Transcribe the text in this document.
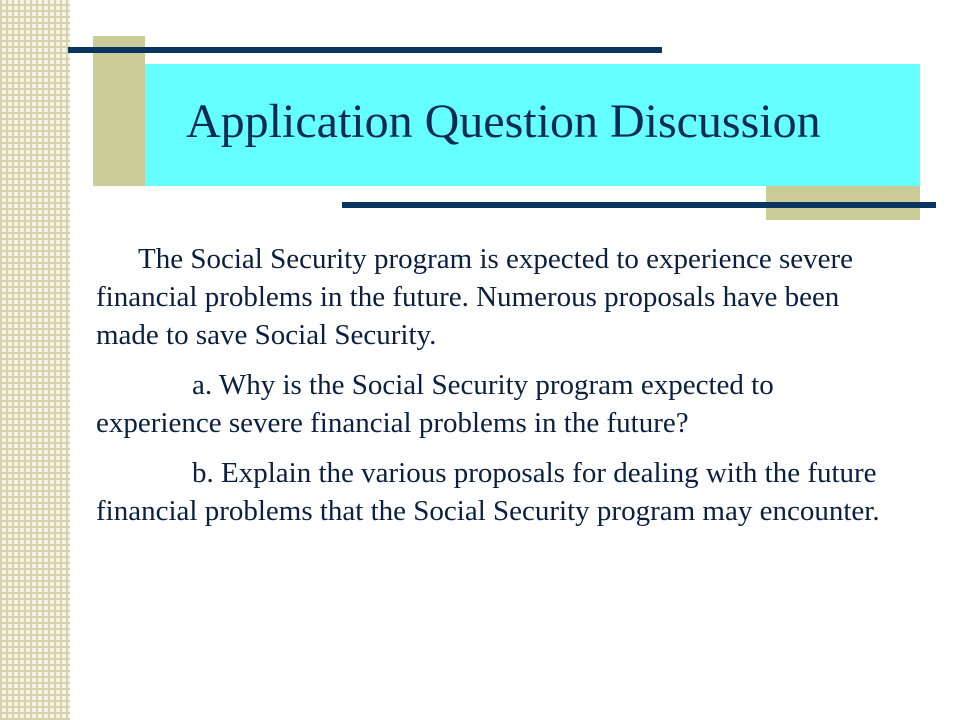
Application Question Discussion

The Social Security program is expected to experience severe financial problems in the future. Numerous proposals have been made to save Social Security.

a. Why is the Social Security program expected to experience severe financial problems in the future?

b. Explain the various proposals for dealing with the future financial problems that the Social Security program may encounter.
